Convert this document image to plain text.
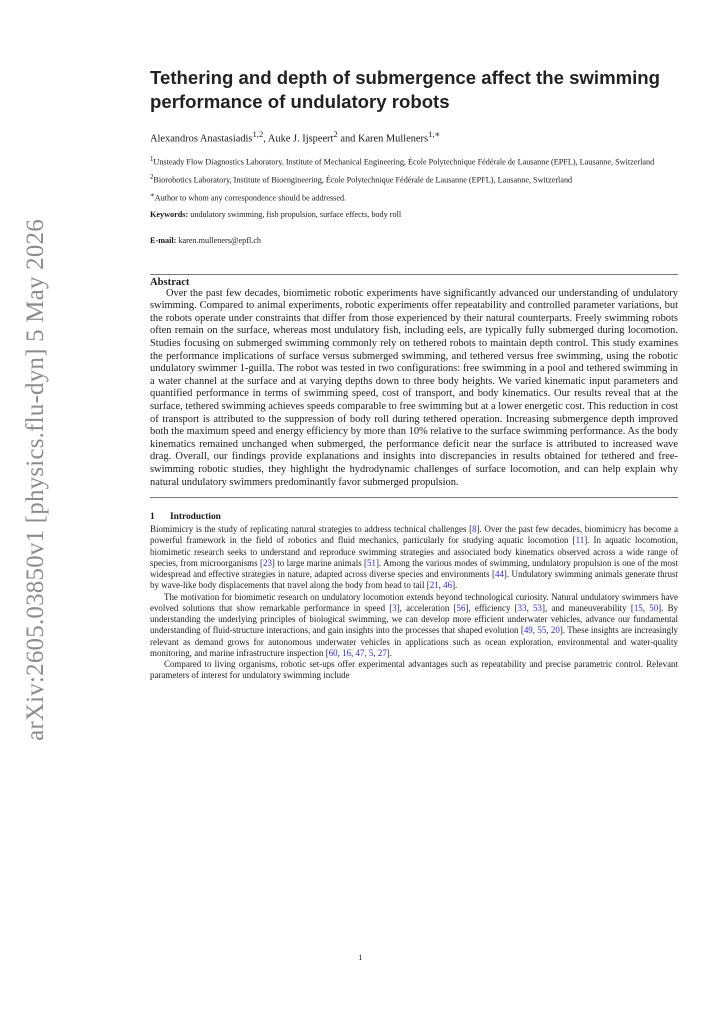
arXiv:2605.03850v1 [physics.flu-dyn] 5 May 2026
Tethering and depth of submergence affect the swimming performance of undulatory robots

Alexandros Anastasiadis$^{1,2}$, Auke J. Ijspeert$^2$ and Karen Mulleners$^{1,∗}$

$^1$Unsteady Flow Diagnostics Laboratory, Institute of Mechanical Engineering, École Polytechnique Fédérale de Lausanne (EPFL), Lausanne, Switzerland

$^2$Biorobotics Laboratory, Institute of Bioengineering, École Polytechnique Fédérale de Lausanne (EPFL), Lausanne, Switzerland

∗Author to whom any correspondence should be addressed.

Keywords: undulatory swimming, fish propulsion, surface effects, body roll

E-mail: karen.mulleners@epfl.ch

Abstract

Over the past few decades, biomimetic robotic experiments have significantly advanced our understanding of undulatory swimming. Compared to animal experiments, robotic experiments offer repeatability and controlled parameter variations, but the robots operate under constraints that differ from those experienced by their natural counterparts. Freely swimming robots often remain on the surface, whereas most undulatory fish, including eels, are typically fully submerged during locomotion. Studies focusing on submerged swimming commonly rely on tethered robots to maintain depth control. This study examines the performance implications of surface versus submerged swimming, and tethered versus free swimming, using the robotic undulatory swimmer 1-guilla. The robot was tested in two configurations: free swimming in a pool and tethered swimming in a water channel at the surface and at varying depths down to three body heights. We varied kinematic input parameters and quantified performance in terms of swimming speed, cost of transport, and body kinematics. Our results reveal that at the surface, tethered swimming achieves speeds comparable to free swimming but at a lower energetic cost. This reduction in cost of transport is attributed to the suppression of body roll during tethered operation. Increasing submergence depth improved both the maximum speed and energy efficiency by more than 10% relative to the surface swimming performance. As the body kinematics remained unchanged when submerged, the performance deficit near the surface is attributed to increased wave drag. Overall, our findings provide explanations and insights into discrepancies in results obtained for tethered and free-swimming robotic studies, they highlight the hydrodynamic challenges of surface locomotion, and can help explain why natural undulatory swimmers predominantly favor submerged propulsion.

1 Introduction

Biomimicry is the study of replicating natural strategies to address technical challenges [8]. Over the past few decades, biomimicry has become a powerful framework in the field of robotics and fluid mechanics, particularly for studying aquatic locomotion [11]. In aquatic locomotion, biomimetic research seeks to understand and reproduce swimming strategies and associated body kinematics observed across a wide range of species, from microorganisms [23] to large marine animals [51]. Among the various modes of swimming, undulatory propulsion is one of the most widespread and effective strategies in nature, adapted across diverse species and environments [44]. Undulatory swimming animals generate thrust by wave-like body displacements that travel along the body from head to tail [21, 46].

The motivation for biomimetic research on undulatory locomotion extends beyond technological curiosity. Natural undulatory swimmers have evolved solutions that show remarkable performance in speed [3], acceleration [56], efficiency [33, 53], and maneuverability [15, 50]. By understanding the underlying principles of biological swimming, we can develop more efficient underwater vehicles, advance our fundamental understanding of fluid-structure interactions, and gain insights into the processes that shaped evolution [49, 55, 20]. These insights are increasingly relevant as demand grows for autonomous underwater vehicles in applications such as ocean exploration, environmental and water-quality monitoring, and marine infrastructure inspection [60, 16, 47, 5, 27].

Compared to living organisms, robotic set-ups offer experimental advantages such as repeatability and precise parametric control. Relevant parameters of interest for undulatory swimming include

1
